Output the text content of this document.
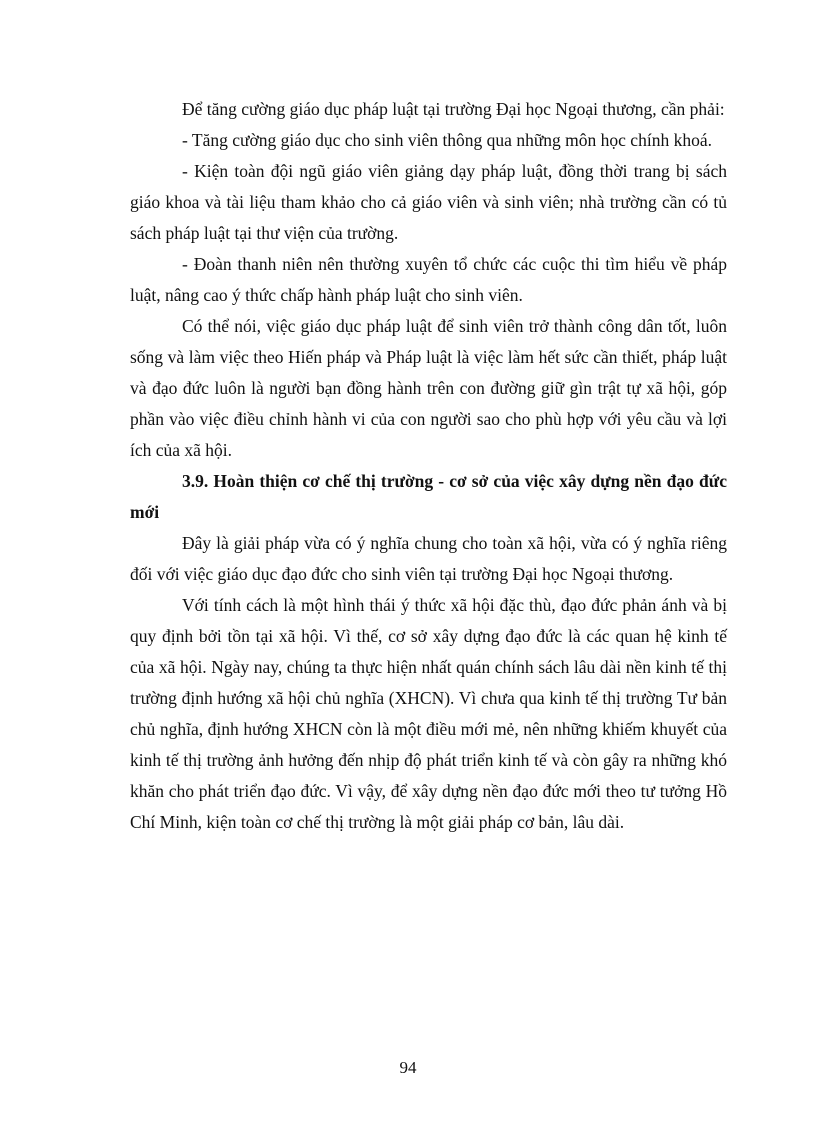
Để tăng cường giáo dục pháp luật tại trường Đại học Ngoại thương, cần phải:

- Tăng cường giáo dục cho sinh viên thông qua những môn học chính khoá.

- Kiện toàn đội ngũ giáo viên giảng dạy pháp luật, đồng thời trang bị sách giáo khoa và tài liệu tham khảo cho cả giáo viên và sinh viên; nhà trường cần có tủ sách pháp luật tại thư viện của trường.

- Đoàn thanh niên nên thường xuyên tổ chức các cuộc thi tìm hiểu về pháp luật, nâng cao ý thức chấp hành pháp luật cho sinh viên.

Có thể nói, việc giáo dục pháp luật để sinh viên trở thành công dân tốt, luôn sống và làm việc theo Hiến pháp và Pháp luật là việc làm hết sức cần thiết, pháp luật và đạo đức luôn là người bạn đồng hành trên con đường giữ gìn trật tự xã hội, góp phần vào việc điều chỉnh hành vi của con người sao cho phù hợp với yêu cầu và lợi ích của xã hội.

3.9. Hoàn thiện cơ chế thị trường - cơ sở của việc xây dựng nền đạo đức mới

Đây là giải pháp vừa có ý nghĩa chung cho toàn xã hội, vừa có ý nghĩa riêng đối với việc giáo dục đạo đức cho sinh viên tại trường Đại học Ngoại thương.

Với tính cách là một hình thái ý thức xã hội đặc thù, đạo đức phản ánh và bị quy định bởi tồn tại xã hội. Vì thế, cơ sở xây dựng đạo đức là các quan hệ kinh tế của xã hội. Ngày nay, chúng ta thực hiện nhất quán chính sách lâu dài nền kinh tế thị trường định hướng xã hội chủ nghĩa (XHCN). Vì chưa qua kinh tế thị trường Tư bản chủ nghĩa, định hướng XHCN còn là một điều mới mẻ, nên những khiếm khuyết của kinh tế thị trường ảnh hưởng đến nhịp độ phát triển kinh tế và còn gây ra những khó khăn cho phát triển đạo đức. Vì vậy, để xây dựng nền đạo đức mới theo tư tưởng Hồ Chí Minh, kiện toàn cơ chế thị trường là một giải pháp cơ bản, lâu dài.

94
